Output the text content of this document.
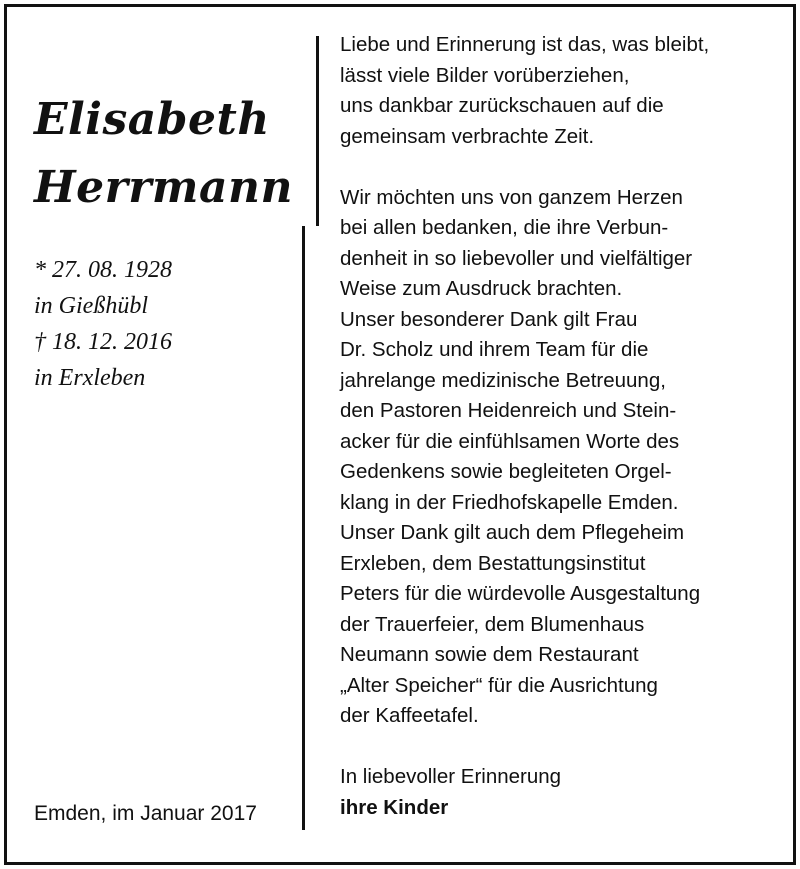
Elisabeth
Herrmann
* 27. 08. 1928
in Gießhübl
† 18. 12. 2016
in Erxleben
Emden, im Januar 2017
Liebe und Erinnerung ist das, was bleibt,
lässt viele Bilder vorüberziehen,
uns dankbar zurückschauen auf die
gemeinsam verbrachte Zeit.
Wir möchten uns von ganzem Herzen
bei allen bedanken, die ihre Verbun-
denheit in so liebevoller und vielfältiger
Weise zum Ausdruck brachten.
Unser besonderer Dank gilt Frau
Dr. Scholz und ihrem Team für die
jahrelange medizinische Betreuung,
den Pastoren Heidenreich und Stein-
acker für die einfühlsamen Worte des
Gedenkens sowie begleiteten Orgel-
klang in der Friedhofskapelle Emden.
Unser Dank gilt auch dem Pflegeheim
Erxleben, dem Bestattungsinstitut
Peters für die würdevolle Ausgestaltung
der Trauerfeier, dem Blumenhaus
Neumann sowie dem Restaurant
„Alter Speicher“ für die Ausrichtung
der Kaffeetafel.
In liebevoller Erinnerung
ihre Kinder
